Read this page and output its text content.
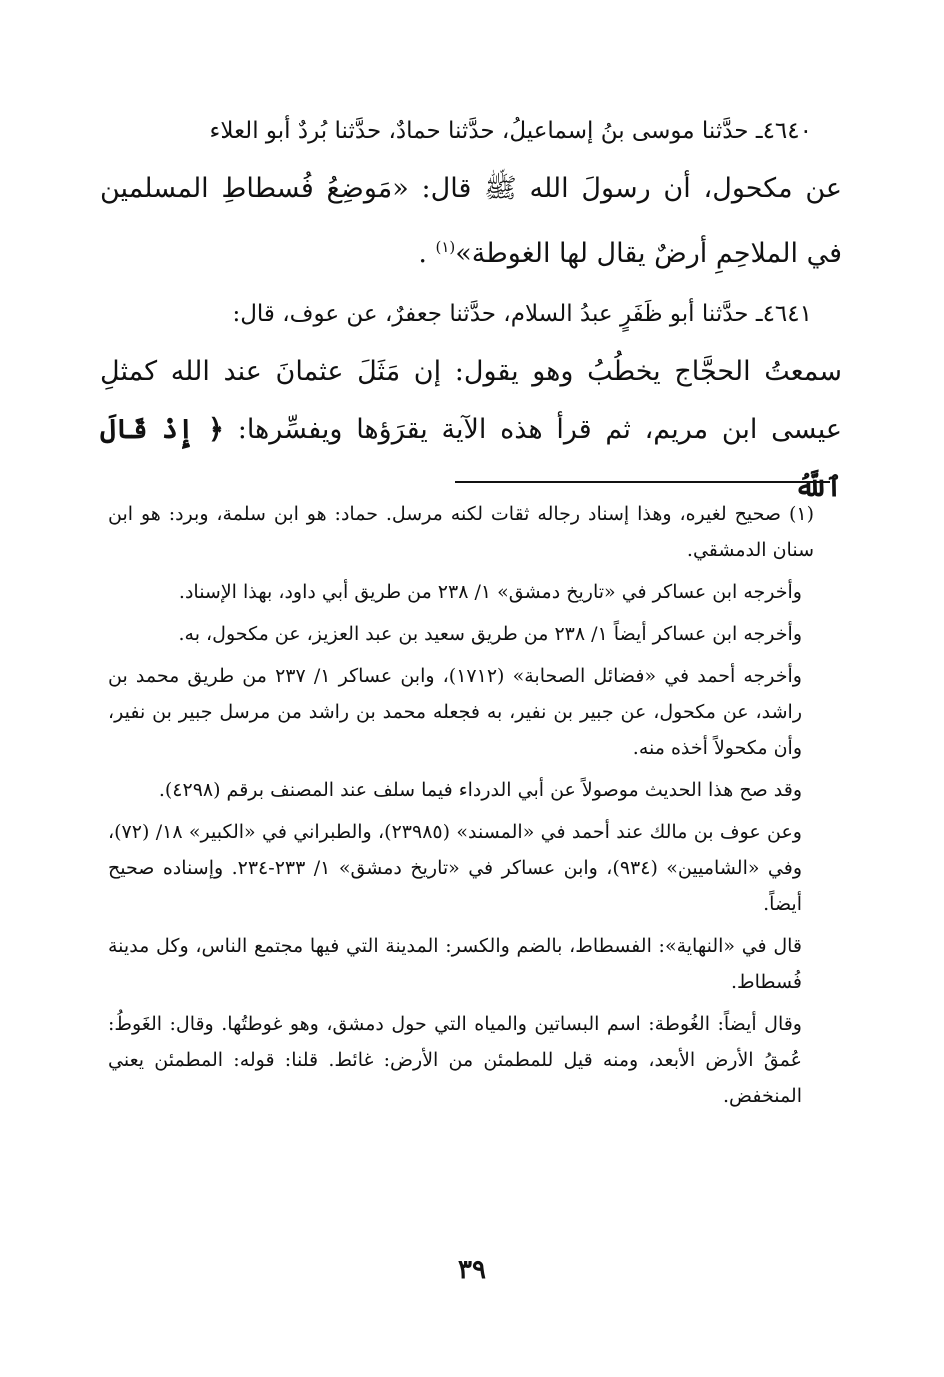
٤٦٤٠ـ حدَّثنا موسى بنُ إسماعيلُ، حدَّثنا حمادٌ، حدَّثنا بُردٌ أبو العلاء

عن مكحول، أن رسولَ الله ﷺ قال: «مَوضِعُ فُسطاطِ المسلمين في الملاحِمِ أرضٌ يقال لها الغوطة»$^{(١)}$ .

٤٦٤١ـ حدَّثنا أبو ظَفَرٍ عبدُ السلام، حدَّثنا جعفرٌ، عن عوف، قال:

سمعتُ الحجَّاج يخطُبُ وهو يقول: إن مَثَلَ عثمانَ عند الله كمثلِ عيسى ابن مريم، ثم قرأ هذه الآية يقرَؤها ويفسِّرها: ﴿ إِذْ قَالَ ٱللَّهُ

(١) صحيح لغيره، وهذا إسناد رجاله ثقات لكنه مرسل. حماد: هو ابن سلمة، وبرد: هو ابن سنان الدمشقي.

وأخرجه ابن عساكر في «تاريخ دمشق» ١/ ٢٣٨ من طريق أبي داود، بهذا الإسناد.

وأخرجه ابن عساكر أيضاً ١/ ٢٣٨ من طريق سعيد بن عبد العزيز، عن مكحول، به.

وأخرجه أحمد في «فضائل الصحابة» (١٧١٢)، وابن عساكر ١/ ٢٣٧ من طريق محمد بن راشد، عن مكحول، عن جبير بن نفير، به فجعله محمد بن راشد من مرسل جبير بن نفير، وأن مكحولاً أخذه منه.

وقد صح هذا الحديث موصولاً عن أبي الدرداء فيما سلف عند المصنف برقم (٤٢٩٨).

وعن عوف بن مالك عند أحمد في «المسند» (٢٣٩٨٥)، والطبراني في «الكبير» ١٨/ (٧٢)، وفي «الشاميين» (٩٣٤)، وابن عساكر في «تاريخ دمشق» ١/ ٢٣٣-٢٣٤. وإسناده صحيح أيضاً.

قال في «النهاية»: الفسطاط، بالضم والكسر: المدينة التي فيها مجتمع الناس، وكل مدينة فُسطاط.

وقال أيضاً: الغُوطة: اسم البساتين والمياه التي حول دمشق، وهو غوطتُها. وقال: الغَوطُ: عُمقُ الأرض الأبعد، ومنه قيل للمطمئن من الأرض: غائط. قلنا: قوله: المطمئن يعني المنخفض.

٣٩
